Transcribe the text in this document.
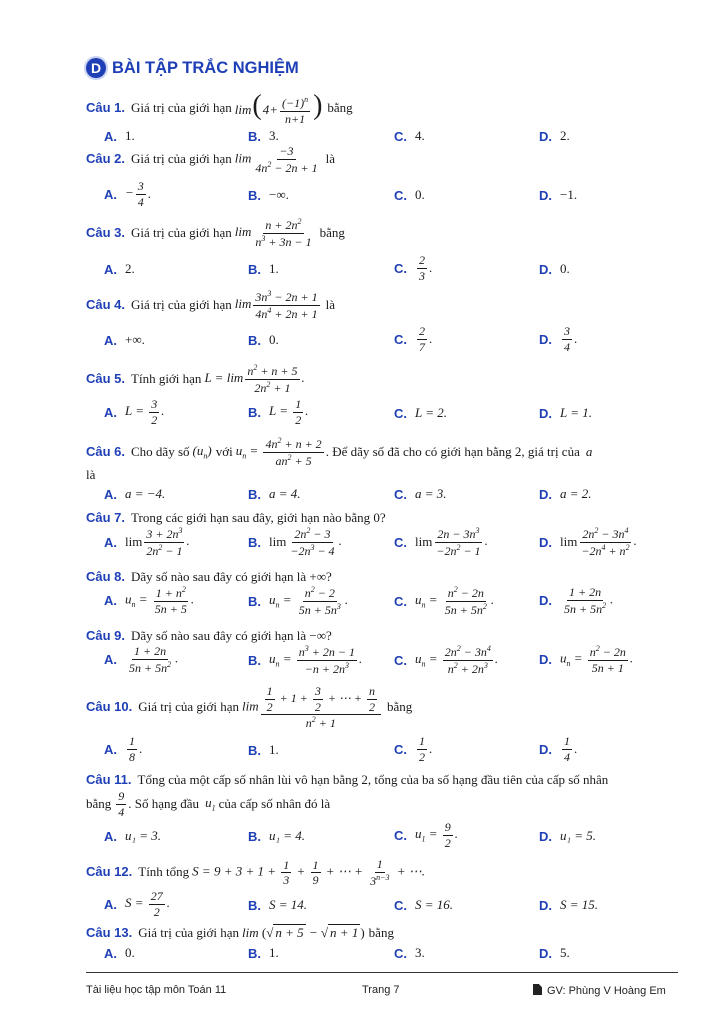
D BÀI TẬP TRẮC NGHIỆM
Câu 1. Giá trị của giới hạn $\lim(4+ \frac{(-1)^n}{n+1}$ ) bằng
A. 1.	B. 3.	C. 4.	D. 2.
Câu 2. Giá trị của giới hạn $\lim \frac{-3}{4n^2 - 2n + 1}$ là
A. − $\frac{3}{4}$ .	B. −∞.	C. 0.	D. −1.
Câu 3. Giá trị của giới hạn $\lim \frac{n + 2n^2}{n^3 + 3n - 1}$ bằng
A. 2.	B. 1.	C. $\frac{2}{3}$ .	D. 0.
Câu 4. Giá trị của giới hạn $\lim \frac{3n^3 - 2n + 1}{4n^4 + 2n + 1}$ là
A. +∞.	B. 0.	C. $\frac{2}{7}$ .	D. $\frac{3}{4}$ .
Câu 5. Tính giới hạn $L = \lim \frac{n^2 + n + 5}{2n^2 + 1}$ .
A. $L = \frac{3}{2}$ .	B. $L = \frac{1}{2}$ .	C. L = 2.	D. L = 1.
Câu 6. Cho dãy số $(u_n)$ với $u_n = \frac{4n^2 + n + 2}{an^2 + 5}$ . Để dãy số đã cho có giới hạn bằng 2, giá trị của a
là
A. a = −4.	B. a = 4.	C. a = 3.	D. a = 2.
Câu 7. Trong các giới hạn sau đây, giới hạn nào bằng 0?
A. $\lim \frac{3 + 2n^3}{2n^2 - 1}$ .	B. $\lim \frac{2n^2 - 3}{-2n^3 - 4}$ .	C. $\lim \frac{2n - 3n^3}{-2n^2 - 1}$ .	D. $\lim \frac{2n^2 - 3n^4}{-2n^4 + n^2}$ .
Câu 8. Dãy số nào sau đây có giới hạn là +∞?
A. $u_n = \frac{1 + n^2}{5n + 5}$ .	B. $u_n = \frac{n^2 - 2}{5n + 5n^3}$ .	C. $u_n = \frac{n^2 - 2n}{5n + 5n^2}$ .	D. $\frac{1 + 2n}{5n + 5n^2}$ .
Câu 9. Dãy số nào sau đây có giới hạn là −∞?
A. $\frac{1 + 2n}{5n + 5n^2}$ .	B. $u_n = \frac{n^3 + 2n - 1}{-n + 2n^3}$ . C. $u_n = \frac{2n^2 - 3n^4}{n^2 + 2n^3}$ .	D. $u_n = \frac{n^2 - 2n}{5n + 1}$ .
Câu 10. Giá trị của giới hạn $\lim \frac{\frac{1}{2} + 1 + \frac{3}{2} + \cdots + \frac{n}{2}}{n^2 + 1}$ bằng
A. $\frac{1}{8}$ .	B. 1.	C. $\frac{1}{2}$ .	D. $\frac{1}{4}$ .
Câu 11. Tổng của một cấp số nhân lùi vô hạn bằng 2, tổng của ba số hạng đầu tiên của cấp số nhân
bằng $\frac{9}{4}$ . Số hạng đầu $u_1$ của cấp số nhân đó là
A. u₁ = 3.	B. u₁ = 4.	C. $u_1 = \frac{9}{2}$ .	D. u₁ = 5.
Câu 12. Tính tổng $S = 9 + 3 + 1 + \frac{1}{3} + \frac{1}{9}$ + ⋯ + $\frac{1}{3^{n-3}}$ + ⋯.
A. $S = \frac{27}{2}$ .	B. S = 14.	C. S = 16.	D. S = 15.
Câu 13. Giá trị của giới hạn lim (√ n + 5 − √ n + 1 ) bằng
A. 0.	B. 1.	C. 3.	D. 5.
Tài liệu học tập môn Toán 11	Trang 7	GV: Phùng V Hoàng Em
